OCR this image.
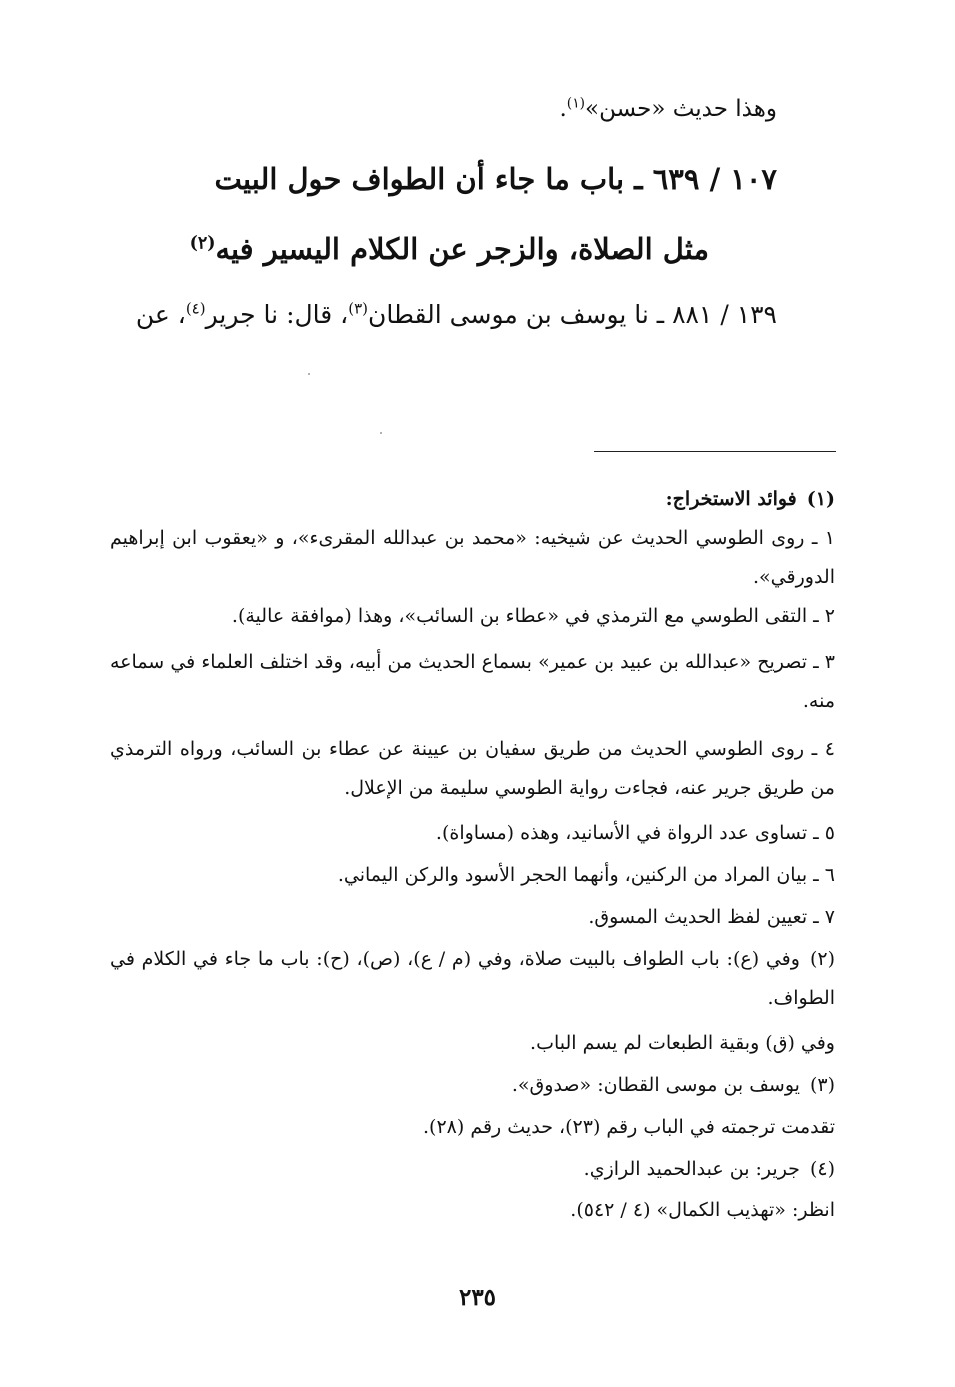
وهذا حديث «حسن»$^{(١)}$.
١٠٧ / ٦٣٩ ـ باب ما جاء أن الطواف حول البيت
مثل الصلاة، والزجر عن الكلام اليسير فيه$^{(٢)}$
١٣٩ / ٨٨١ ـ نا يوسف بن موسى القطان$^{(٣)}$، قال: نا جرير$^{(٤)}$، عن
(١)فوائد الاستخراج:
١ ـ روى الطوسي الحديث عن شيخيه: «محمد بن عبدالله المقرىء»، و «يعقوب ابن إبراهيم الدورقي».
٢ ـ التقى الطوسي مع الترمذي في «عطاء بن السائب»، وهذا (موافقة عالية).
٣ ـ تصريح «عبدالله بن عبيد بن عمير» بسماع الحديث من أبيه، وقد اختلف العلماء في سماعه منه.
٤ ـ روى الطوسي الحديث من طريق سفيان بن عيينة عن عطاء بن السائب، ورواه الترمذي من طريق جرير عنه، فجاءت رواية الطوسي سليمة من الإعلال.
٥ ـ تساوى عدد الرواة في الأسانيد، وهذه (مساواة).
٦ ـ بيان المراد من الركنين، وأنهما الحجر الأسود والركن اليماني.
٧ ـ تعيين لفظ الحديث المسوق.
(٢)وفي (ع): باب الطواف بالبيت صلاة، وفي (م / ع)، (ص)، (ح): باب ما جاء في الكلام في الطواف.
وفي (ق) وبقية الطبعات لم يسم الباب.
(٣)يوسف بن موسى القطان: «صدوق».
تقدمت ترجمته في الباب رقم (٢٣)، حديث رقم (٢٨).
(٤)جرير: بن عبدالحميد الرازي.
انظر: «تهذيب الكمال» (٤ / ٥٤٢).
٢٣٥
